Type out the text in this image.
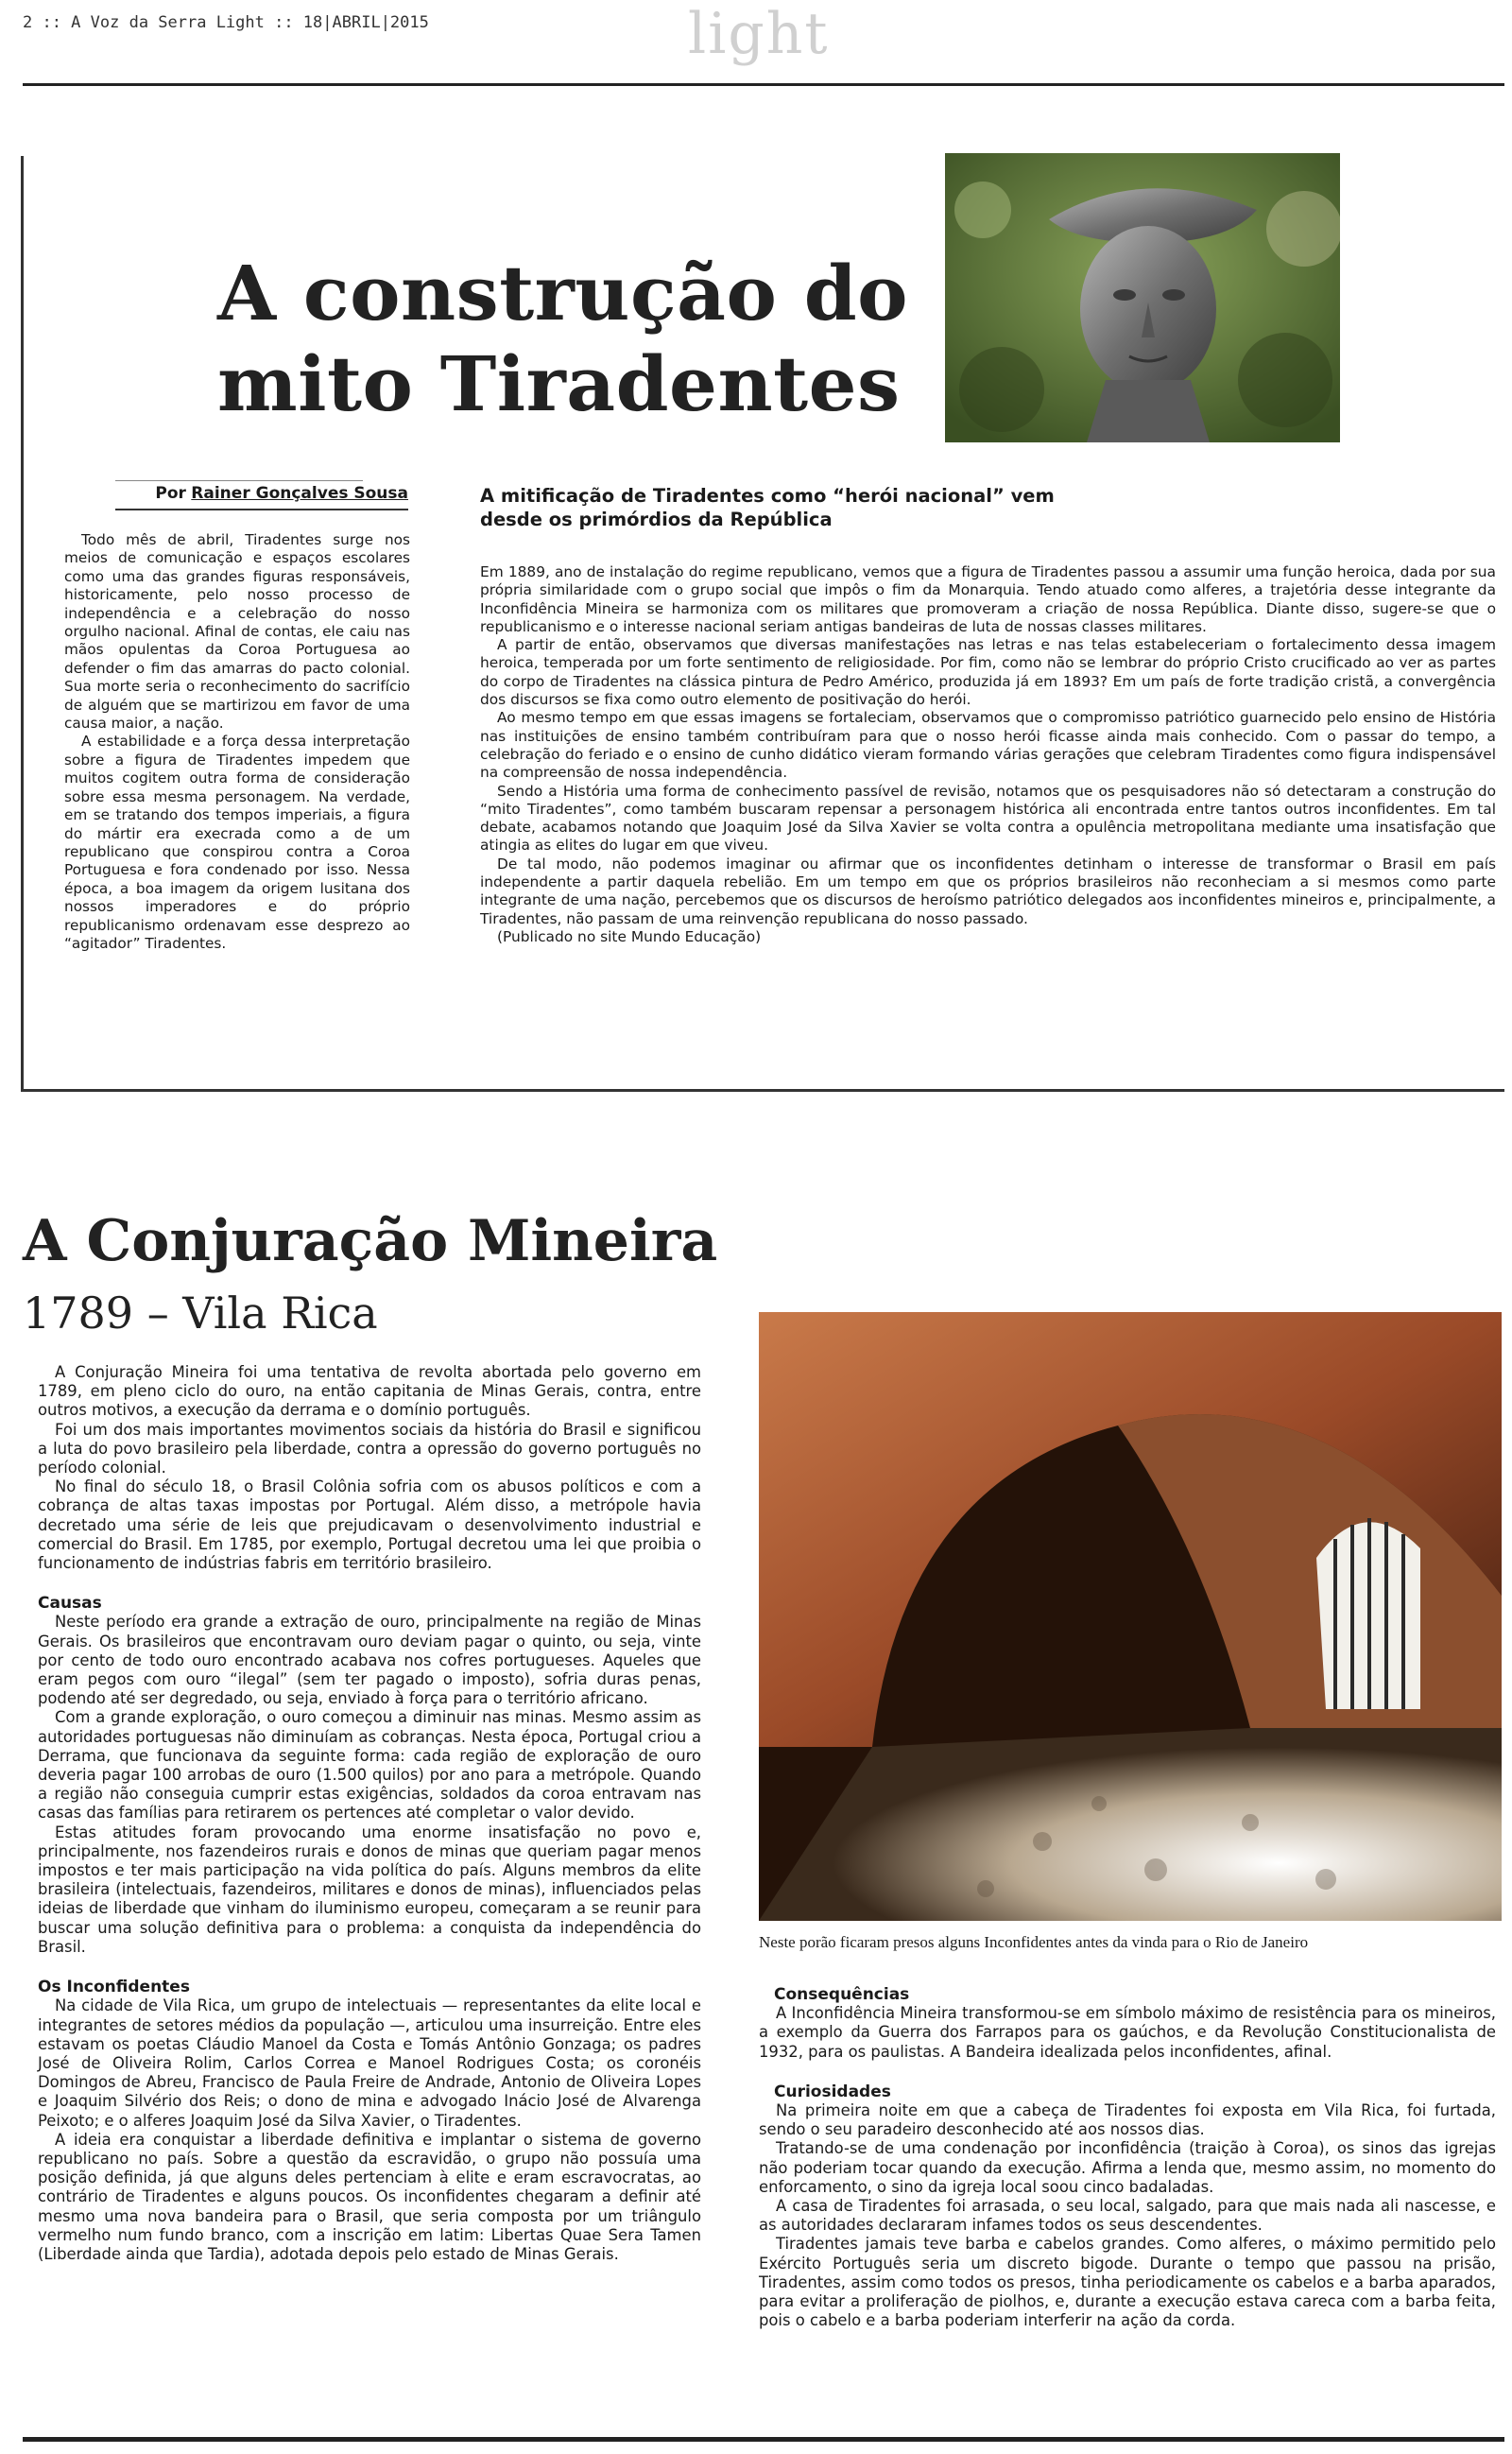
2 :: A Voz da Serra Light :: 18|ABRIL|2015	light
A construção do
mito Tiradentes
Por Rainer Gonçalves Sousa

Todo mês de abril, Tiradentes surge nos meios de comunicação e espaços escolares como uma das grandes figuras responsáveis, historicamente, pelo nosso processo de independência e a celebração do nosso orgulho nacional. Afinal de contas, ele caiu nas mãos opulentas da Coroa Portuguesa ao defender o fim das amarras do pacto colonial. Sua morte seria o reconhecimento do sacrifício de alguém que se martirizou em favor de uma causa maior, a nação.

A estabilidade e a força dessa interpretação sobre a figura de Tiradentes impedem que muitos cogitem outra forma de consideração sobre essa mesma personagem. Na verdade, em se tratando dos tempos imperiais, a figura do mártir era execrada como a de um republicano que conspirou contra a Coroa Portuguesa e fora condenado por isso. Nessa época, a boa imagem da origem lusitana dos nossos imperadores e do próprio republicanismo ordenavam esse desprezo ao “agitador” Tiradentes.

A mitificação de Tiradentes como “herói nacional” vem desde os primórdios da República

Em 1889, ano de instalação do regime republicano, vemos que a figura de Tiradentes passou a assumir uma função heroica, dada por sua própria similaridade com o grupo social que impôs o fim da Monarquia. Tendo atuado como alferes, a trajetória desse integrante da Inconfidência Mineira se harmoniza com os militares que promoveram a criação de nossa República. Diante disso, sugere-se que o republicanismo e o interesse nacional seriam antigas bandeiras de luta de nossas classes militares.

A partir de então, observamos que diversas manifestações nas letras e nas telas estabeleceriam o fortalecimento dessa imagem heroica, temperada por um forte sentimento de religiosidade. Por fim, como não se lembrar do próprio Cristo crucificado ao ver as partes do corpo de Tiradentes na clássica pintura de Pedro Américo, produzida já em 1893? Em um país de forte tradição cristã, a convergência dos discursos se fixa como outro elemento de positivação do herói.

Ao mesmo tempo em que essas imagens se fortaleciam, observamos que o compromisso patriótico guarnecido pelo ensino de História nas instituições de ensino também contribuíram para que o nosso herói ficasse ainda mais conhecido. Com o passar do tempo, a celebração do feriado e o ensino de cunho didático vieram formando várias gerações que celebram Tiradentes como figura indispensável na compreensão de nossa independência.

Sendo a História uma forma de conhecimento passível de revisão, notamos que os pesquisadores não só detectaram a construção do “mito Tiradentes”, como também buscaram repensar a personagem histórica ali encontrada entre tantos outros inconfidentes. Em tal debate, acabamos notando que Joaquim José da Silva Xavier se volta contra a opulência metropolitana mediante uma insatisfação que atingia as elites do lugar em que viveu.

De tal modo, não podemos imaginar ou afirmar que os inconfidentes detinham o interesse de transformar o Brasil em país independente a partir daquela rebelião. Em um tempo em que os próprios brasileiros não reconheciam a si mesmos como parte integrante de uma nação, percebemos que os discursos de heroísmo patriótico delegados aos inconfidentes mineiros e, principalmente, a Tiradentes, não passam de uma reinvenção republicana do nosso passado.

(Publicado no site Mundo Educação)

A Conjuração Mineira
1789 – Vila Rica

A Conjuração Mineira foi uma tentativa de revolta abortada pelo governo em 1789, em pleno ciclo do ouro, na então capitania de Minas Gerais, contra, entre outros motivos, a execução da derrama e o domínio português.

Foi um dos mais importantes movimentos sociais da história do Brasil e significou a luta do povo brasileiro pela liberdade, contra a opressão do governo português no período colonial.

No final do século 18, o Brasil Colônia sofria com os abusos políticos e com a cobrança de altas taxas impostas por Portugal. Além disso, a metrópole havia decretado uma série de leis que prejudicavam o desenvolvimento industrial e comercial do Brasil. Em 1785, por exemplo, Portugal decretou uma lei que proibia o funcionamento de indústrias fabris em território brasileiro.

Causas

Neste período era grande a extração de ouro, principalmente na região de Minas Gerais. Os brasileiros que encontravam ouro deviam pagar o quinto, ou seja, vinte por cento de todo ouro encontrado acabava nos cofres portugueses. Aqueles que eram pegos com ouro “ilegal” (sem ter pagado o imposto), sofria duras penas, podendo até ser degredado, ou seja, enviado à força para o território africano.

Com a grande exploração, o ouro começou a diminuir nas minas. Mesmo assim as autoridades portuguesas não diminuíam as cobranças. Nesta época, Portugal criou a Derrama, que funcionava da seguinte forma: cada região de exploração de ouro deveria pagar 100 arrobas de ouro (1.500 quilos) por ano para a metrópole. Quando a região não conseguia cumprir estas exigências, soldados da coroa entravam nas casas das famílias para retirarem os pertences até completar o valor devido.

Estas atitudes foram provocando uma enorme insatisfação no povo e, principalmente, nos fazendeiros rurais e donos de minas que queriam pagar menos impostos e ter mais participação na vida política do país. Alguns membros da elite brasileira (intelectuais, fazendeiros, militares e donos de minas), influenciados pelas ideias de liberdade que vinham do iluminismo europeu, começaram a se reunir para buscar uma solução definitiva para o problema: a conquista da independência do Brasil.

Os Inconfidentes

Na cidade de Vila Rica, um grupo de intelectuais — representantes da elite local e integrantes de setores médios da população —, articulou uma insurreição. Entre eles estavam os poetas Cláudio Manoel da Costa e Tomás Antônio Gonzaga; os padres José de Oliveira Rolim, Carlos Correa e Manoel Rodrigues Costa; os coronéis Domingos de Abreu, Francisco de Paula Freire de Andrade, Antonio de Oliveira Lopes e Joaquim Silvério dos Reis; o dono de mina e advogado Inácio José de Alvarenga Peixoto; e o alferes Joaquim José da Silva Xavier, o Tiradentes.

A ideia era conquistar a liberdade definitiva e implantar o sistema de governo republicano no país. Sobre a questão da escravidão, o grupo não possuía uma posição definida, já que alguns deles pertenciam à elite e eram escravocratas, ao contrário de Tiradentes e alguns poucos. Os inconfidentes chegaram a definir até mesmo uma nova bandeira para o Brasil, que seria composta por um triângulo vermelho num fundo branco, com a inscrição em latim: Libertas Quae Sera Tamen (Liberdade ainda que Tardia), adotada depois pelo estado de Minas Gerais.

Neste porão ficaram presos alguns Inconfidentes antes da vinda para o Rio de Janeiro
Consequências

A Inconfidência Mineira transformou-se em símbolo máximo de resistência para os mineiros, a exemplo da Guerra dos Farrapos para os gaúchos, e da Revolução Constitucionalista de 1932, para os paulistas. A Bandeira idealizada pelos inconfidentes, afinal.

Curiosidades

Na primeira noite em que a cabeça de Tiradentes foi exposta em Vila Rica, foi furtada, sendo o seu paradeiro desconhecido até aos nossos dias.

Tratando-se de uma condenação por inconfidência (traição à Coroa), os sinos das igrejas não poderiam tocar quando da execução. Afirma a lenda que, mesmo assim, no momento do enforcamento, o sino da igreja local soou cinco badaladas.

A casa de Tiradentes foi arrasada, o seu local, salgado, para que mais nada ali nascesse, e as autoridades declararam infames todos os seus descendentes.

Tiradentes jamais teve barba e cabelos grandes. Como alferes, o máximo permitido pelo Exército Português seria um discreto bigode. Durante o tempo que passou na prisão, Tiradentes, assim como todos os presos, tinha periodicamente os cabelos e a barba aparados, para evitar a proliferação de piolhos, e, durante a execução estava careca com a barba feita, pois o cabelo e a barba poderiam interferir na ação da corda.
